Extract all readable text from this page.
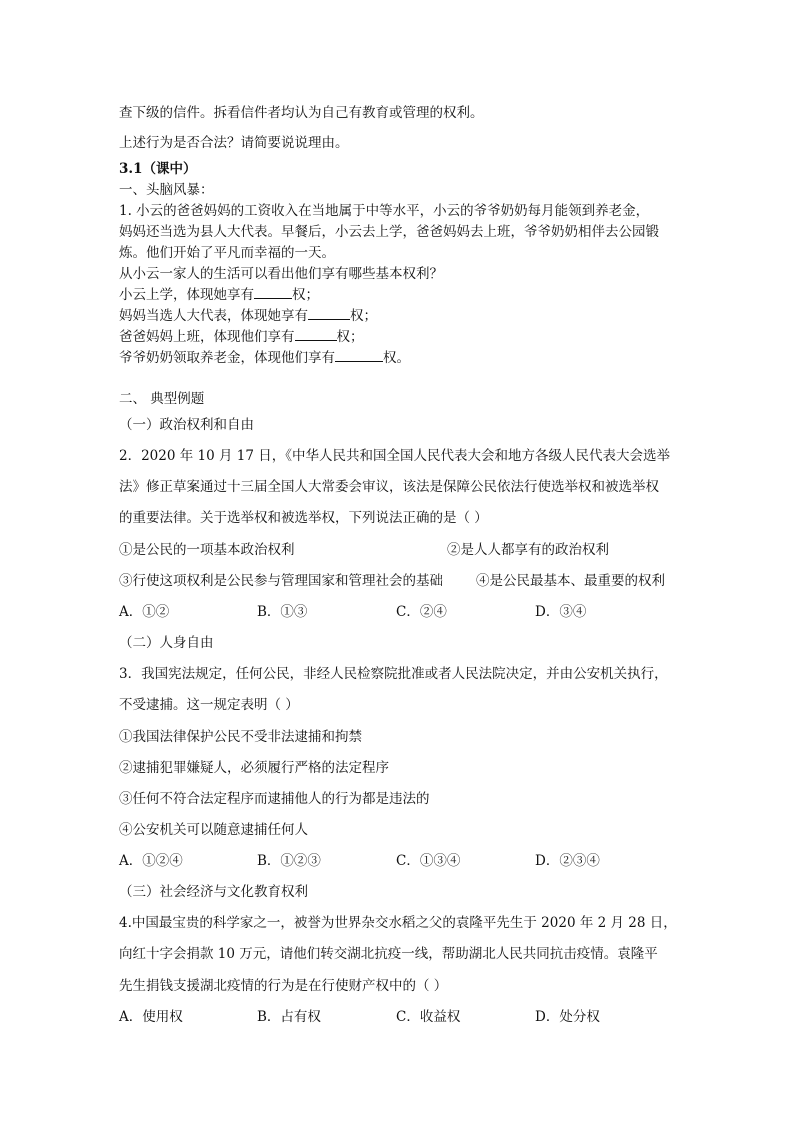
查下级的信件。拆看信件者均认为自己有教育或管理的权利。
上述行为是否合法？请简要说说理由。
3.1（课中）
一、头脑风暴：
1. 小云的爸爸妈妈的工资收入在当地属于中等水平，小云的爷爷奶奶每月能领到养老金，
妈妈还当选为县人大代表。早餐后，小云去上学，爸爸妈妈去上班，爷爷奶奶相伴去公园锻
炼。他们开始了平凡而幸福的一天。
从小云一家人的生活可以看出他们享有哪些基本权利？
小云上学，体现她享有	权；
妈妈当选人大代表，体现她享有	权；
爸爸妈妈上班，体现他们享有	权；
爷爷奶奶领取养老金，体现他们享有	权。
二、 典型例题
（一）政治权利和自由
2．2020 年 10 月 17 日，《中华人民共和国全国人民代表大会和地方各级人民代表大会选举
法》修正草案通过十三届全国人大常委会审议，该法是保障公民依法行使选举权和被选举权
的重要法律。关于选举权和被选举权，下列说法正确的是（ ）
①是公民的一项基本政治权利	②是人人都享有的政治权利
③行使这项权利是公民参与管理国家和管理社会的基础 ④是公民最基本、最重要的权利
A．①②	B．①③	C．②④	D．③④
（二）人身自由
3．我国宪法规定，任何公民，非经人民检察院批准或者人民法院决定，并由公安机关执行，
不受逮捕。这一规定表明（ ）
①我国法律保护公民不受非法逮捕和拘禁
②逮捕犯罪嫌疑人，必须履行严格的法定程序
③任何不符合法定程序而逮捕他人的行为都是违法的
④公安机关可以随意逮捕任何人
A．①②④	B．①②③	C．①③④	D．②③④
（三）社会经济与文化教育权利
4.中国最宝贵的科学家之一，被誉为世界杂交水稻之父的袁隆平先生于 2020 年 2 月 28 日，
向红十字会捐款 10 万元，请他们转交湖北抗疫一线，帮助湖北人民共同抗击疫情。袁隆平
先生捐钱支援湖北疫情的行为是在行使财产权中的（ ）
A．使用权	B．占有权	C．收益权	D．处分权
